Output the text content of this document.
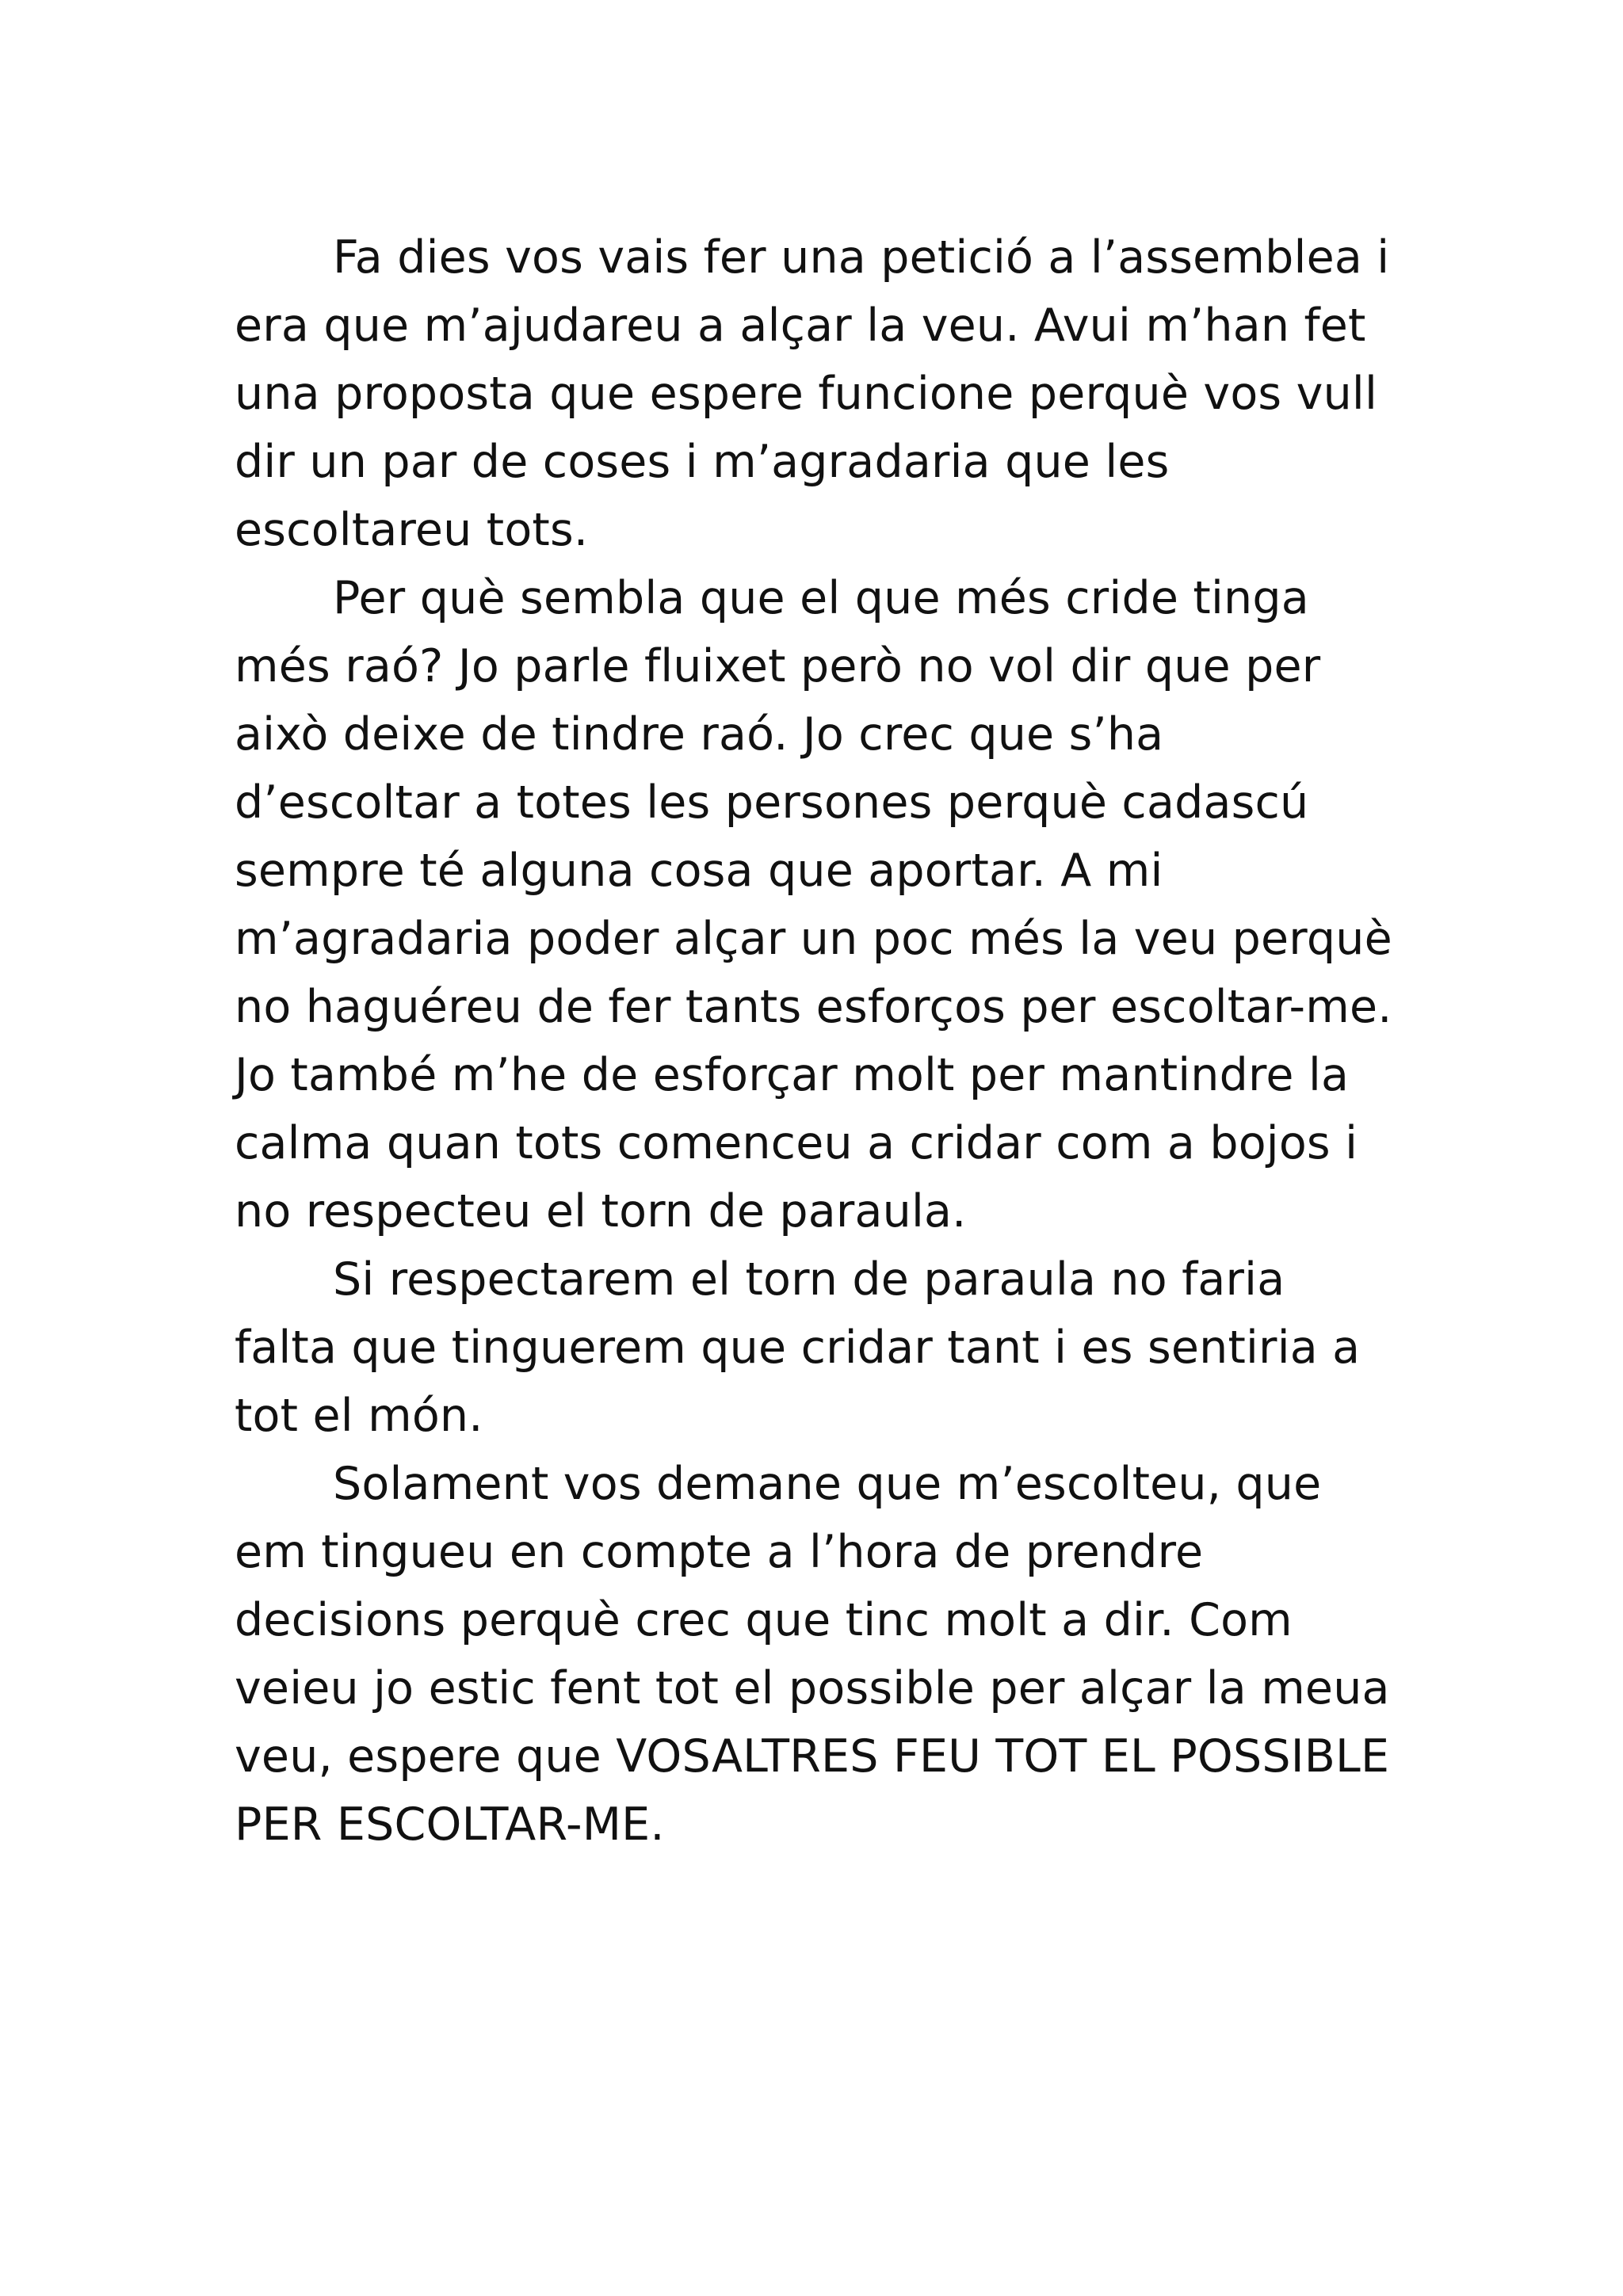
Fa dies vos vais fer una petició a l’assemblea i era que m’ajudareu a alçar la veu. Avui m’han fet una proposta que espere funcione perquè vos vull dir un par de coses i m’agradaria que les escoltareu tots.

Per què sembla que el que més cride tinga més raó? Jo parle fluixet però no vol dir que per això deixe de tindre raó. Jo crec que s’ha d’escoltar a totes les persones perquè cadascú sempre té alguna cosa que aportar. A mi m’agradaria poder alçar un poc més la veu perquè no haguéreu de fer tants esforços per escoltar-me. Jo també m’he de esforçar molt per mantindre la calma quan tots comenceu a cridar com a bojos i no respecteu el torn de paraula.

Si respectarem el torn de paraula no faria falta que tinguerem que cridar tant i es sentiria a tot el món.

Solament vos demane que m’escolteu, que em tingueu en compte a l’hora de prendre decisions perquè crec que tinc molt a dir. Com veieu jo estic fent tot el possible per alçar la meua veu, espere que VOSALTRES FEU TOT EL POSSIBLE PER ESCOLTAR-ME.
